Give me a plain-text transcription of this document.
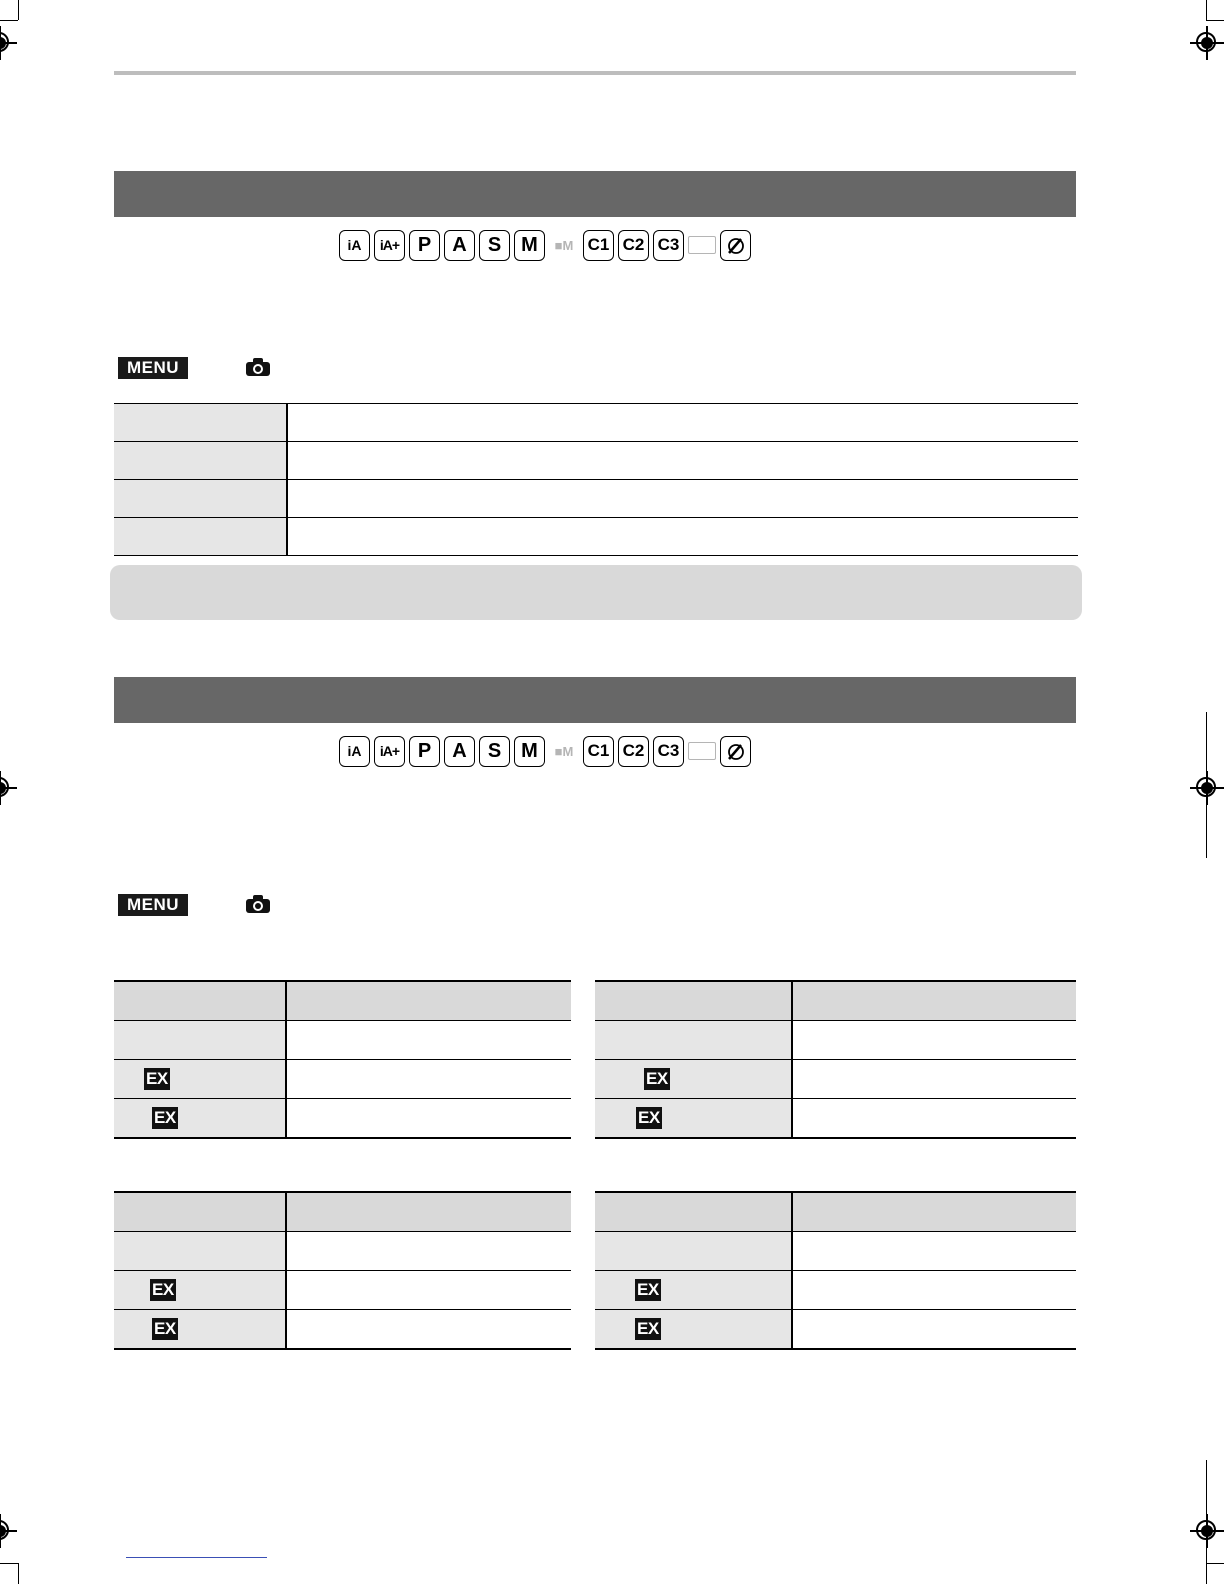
iA	iA+ P	A	S M	■ M C1 C2 C3
MENU

iA	iA+ P	A	S M	■ M C1 C2 C3
MENU

EX	
EX	

EX	
EX	

EX	
EX	

EX	
EX	
